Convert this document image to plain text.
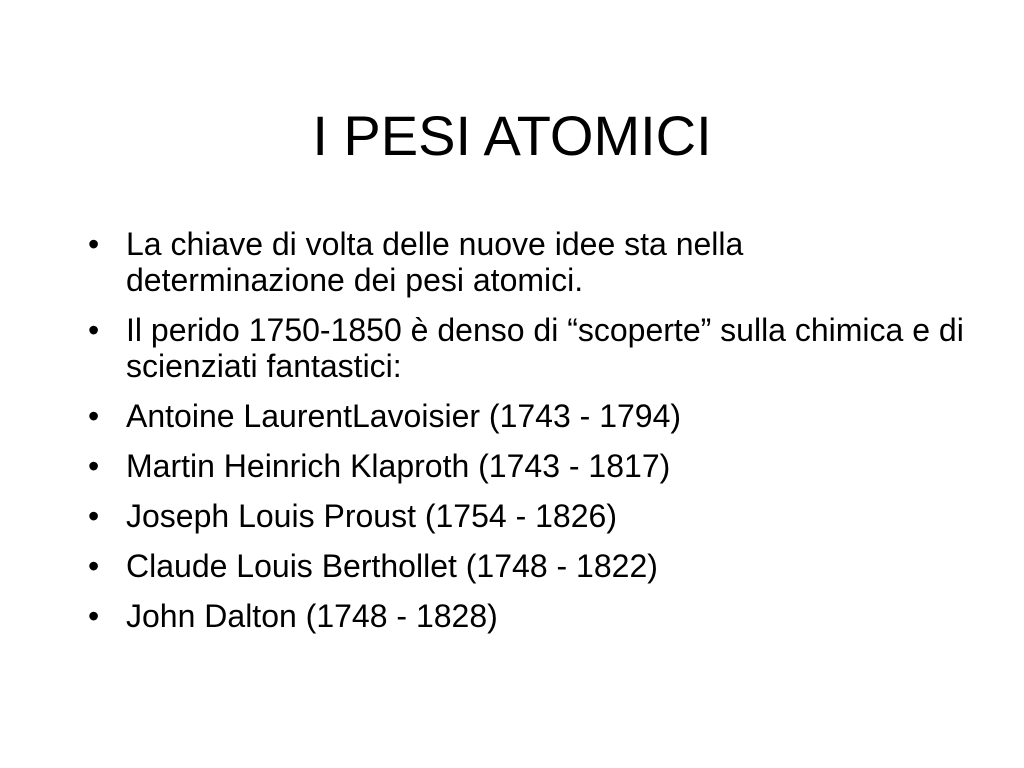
I PESI ATOMICI
• La chiave di volta delle nuove idee sta nella determinazione dei pesi atomici.
• Il perido 1750-1850 è denso di “scoperte” sulla chimica e di scienziati fantastici:
• Antoine LaurentLavoisier (1743 - 1794)
• Martin Heinrich Klaproth (1743 - 1817)
• Joseph Louis Proust (1754 - 1826)
• Claude Louis Berthollet (1748 - 1822)
• John Dalton (1748 - 1828)
